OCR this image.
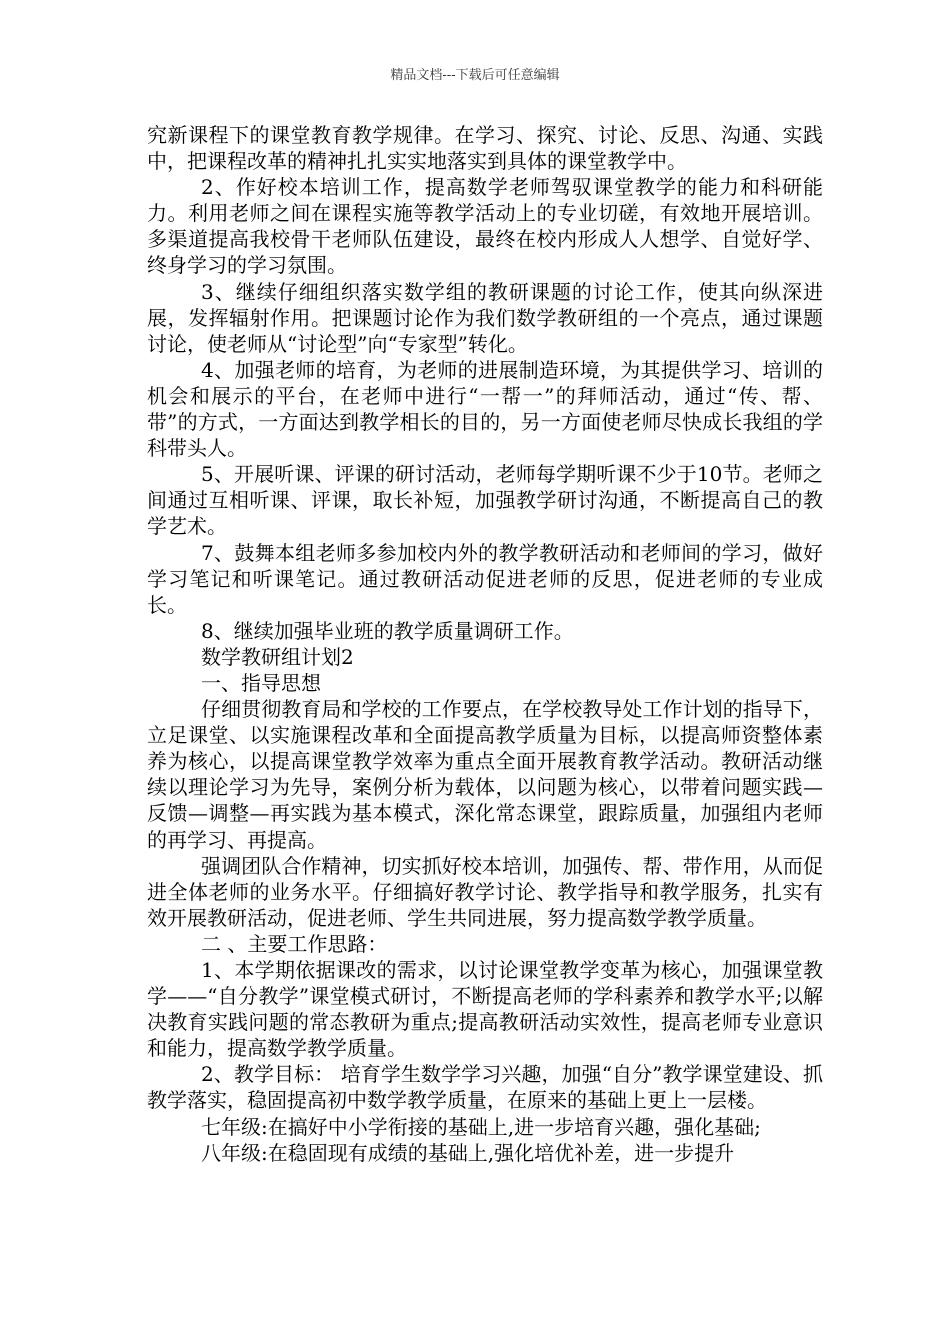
精品文档---下载后可任意编辑

究新课程下的课堂教育教学规律。在学习、探究、讨论、反思、沟通、实践中，把课程改革的精神扎扎实实地落实到具体的课堂教学中。

2、作好校本培训工作，提高数学老师驾驭课堂教学的能力和科研能力。利用老师之间在课程实施等教学活动上的专业切磋，有效地开展培训。多渠道提高我校骨干老师队伍建设，最终在校内形成人人想学、自觉好学、终身学习的学习氛围。

3、继续仔细组织落实数学组的教研课题的讨论工作，使其向纵深进展，发挥辐射作用。把课题讨论作为我们数学教研组的一个亮点，通过课题讨论，使老师从“讨论型”向“专家型”转化。

4、加强老师的培育，为老师的进展制造环境，为其提供学习、培训的机会和展示的平台，在老师中进行“一帮一”的拜师活动，通过“传、帮、带”的方式，一方面达到教学相长的目的，另一方面使老师尽快成长我组的学科带头人。

5、开展听课、评课的研讨活动，老师每学期听课不少于10节。老师之间通过互相听课、评课，取长补短，加强教学研讨沟通，不断提高自己的教学艺术。

7、鼓舞本组老师多参加校内外的教学教研活动和老师间的学习，做好学习笔记和听课笔记。通过教研活动促进老师的反思，促进老师的专业成长。

8、继续加强毕业班的教学质量调研工作。

数学教研组计划2

一、指导思想

仔细贯彻教育局和学校的工作要点，在学校教导处工作计划的指导下，立足课堂、以实施课程改革和全面提高教学质量为目标，以提高师资整体素养为核心，以提高课堂教学效率为重点全面开展教育教学活动。教研活动继续以理论学习为先导，案例分析为载体，以问题为核心，以带着问题实践—反馈—调整—再实践为基本模式，深化常态课堂，跟踪质量，加强组内老师的再学习、再提高。

强调团队合作精神，切实抓好校本培训，加强传、帮、带作用，从而促进全体老师的业务水平。仔细搞好教学讨论、教学指导和教学服务，扎实有效开展教研活动，促进老师、学生共同进展，努力提高数学教学质量。

二 、主要工作思路：

1、本学期依据课改的需求，以讨论课堂教学变革为核心，加强课堂教学——“自分教学”课堂模式研讨，不断提高老师的学科素养和教学水平;以解决教育实践问题的常态教研为重点;提高教研活动实效性，提高老师专业意识和能力，提高数学教学质量。

2、教学目标： 培育学生数学学习兴趣，加强“自分”教学课堂建设、抓教学落实，稳固提高初中数学教学质量，在原来的基础上更上一层楼。

七年级:在搞好中小学衔接的基础上,进一步培育兴趣，强化基础;

八年级:在稳固现有成绩的基础上,强化培优补差，进一步提升
